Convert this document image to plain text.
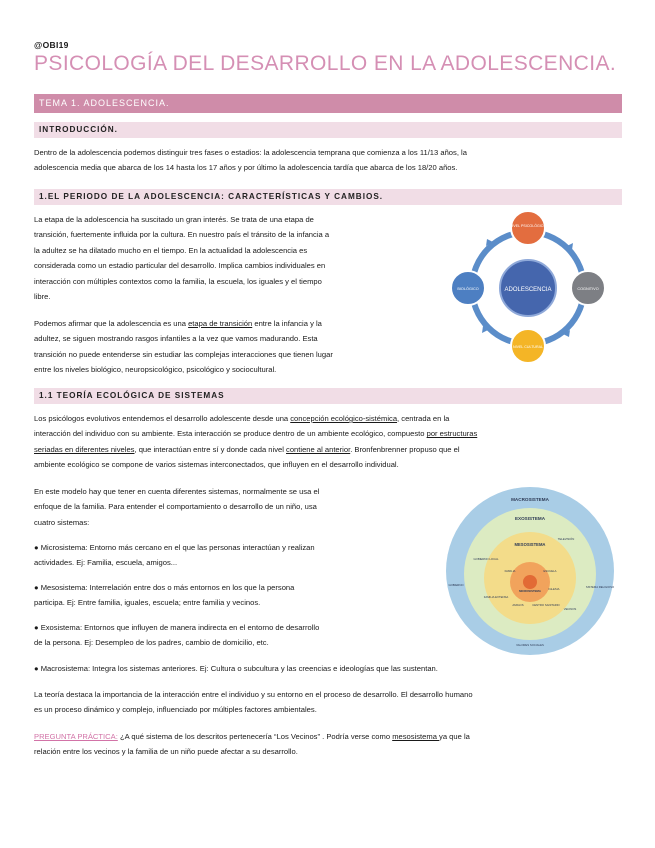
@OBI19
PSICOLOGÍA DEL DESARROLLO EN LA ADOLESCENCIA.
TEMA 1. ADOLESCENCIA.
INTRODUCCIÓN.
Dentro de la adolescencia podemos distinguir tres fases o estadios: la adolescencia temprana que comienza a los 11/13 años, la
adolescencia media que abarca de los 14 hasta los 17 años y por último la adolescencia tardía que abarca de los 18/20 años.
1.EL PERIODO DE LA ADOLESCENCIA: CARACTERÍSTICAS Y CAMBIOS.
La etapa de la adolescencia ha suscitado un gran interés. Se trata de una etapa de
transición, fuertemente influida por la cultura. En nuestro país el tránsito de la infancia a
la adultez se ha dilatado mucho en el tiempo. En la actualidad la adolescencia es
considerada como un estadio particular del desarrollo. Implica cambios individuales en
interacción con múltiples contextos como la familia, la escuela, los iguales y el tiempo
libre.
Podemos afirmar que la adolescencia es una etapa de transición entre la infancia y la
adultez, se siguen mostrando rasgos infantiles a la vez que vamos madurando. Esta
transición no puede entenderse sin estudiar las complejas interacciones que tienen lugar
entre los niveles biológico, neuropsicológico, psicológico y sociocultural.
ADOLESCENCIA
NIVEL PSICOLÓGICO
COGNITIVO
NIVEL CULTURAL
BIOLÓGICO
1.1 TEORÍA ECOLÓGICA DE SISTEMAS
Los psicólogos evolutivos entendemos el desarrollo adolescente desde una concepción ecológico-sistémica, centrada en la
interacción del individuo con su ambiente. Esta interacción se produce dentro de un ambiente ecológico, compuesto por estructuras
seriadas en diferentes niveles, que interactúan entre sí y donde cada nivel contiene al anterior. Bronfenbrenner propuso que el
ambiente ecológico se compone de varios sistemas interconectados, que influyen en el desarrollo individual.
En este modelo hay que tener en cuenta diferentes sistemas, normalmente se usa el
enfoque de la familia. Para entender el comportamiento o desarrollo de un niño, usa
cuatro sistemas:
● Microsistema: Entorno más cercano en el que las personas interactúan y realizan
actividades. Ej: Familia, escuela, amigos...
● Mesosistema: Interrelación entre dos o más entornos en los que la persona
participa. Ej: Entre familia, iguales, escuela; entre familia y vecinos.
● Exosistema: Entornos que influyen de manera indirecta en el entorno de desarrollo
de la persona. Ej: Desempleo de los padres, cambio de domicilio, etc.
● Macrosistema: Integra los sistemas anteriores. Ej: Cultura o subcultura y las creencias e ideologías que las sustentan.
La teoría destaca la importancia de la interacción entre el individuo y su entorno en el proceso de desarrollo. El desarrollo humano
es un proceso dinámico y complejo, influenciado por múltiples factores ambientales.
PREGUNTA PRÁCTICA: ¿A qué sistema de los descritos pertenecería “Los Vecinos” . Podría verse como mesosistema ya que la
relación entre los vecinos y la familia de un niño puede afectar a su desarrollo.
MACROSISTEMA
EXOSISTEMA
MESOSISTEMA
MICROSISTEMA
TELEVISIÓN
GOBIERNO LOCAL
GOBIERNO
FAMILIA	ESCUELA
FAMILIA EXTENSA
IGLESIA
AMIGOS	CENTRO SANITARIO
VECINOS
SISTEMA RELIGIOSO
VALORES SOCIALES
